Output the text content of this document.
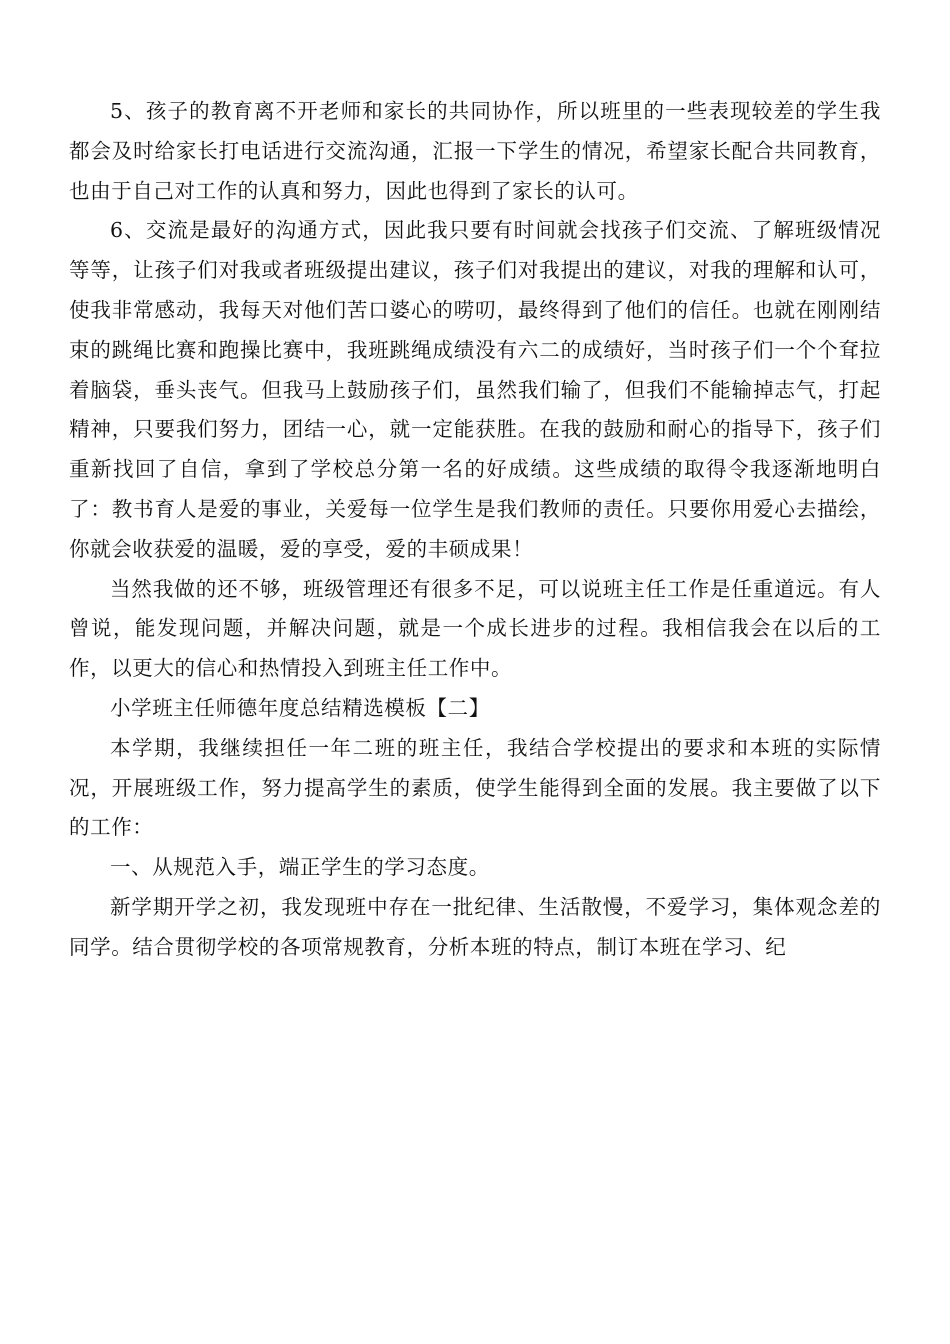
5、孩子的教育离不开老师和家长的共同协作，所以班里的一些表现较差的学生我都会及时给家长打电话进行交流沟通，汇报一下学生的情况，希望家长配合共同教育，也由于自己对工作的认真和努力，因此也得到了家长的认可。

6、交流是最好的沟通方式，因此我只要有时间就会找孩子们交流、了解班级情况等等，让孩子们对我或者班级提出建议，孩子们对我提出的建议，对我的理解和认可，使我非常感动，我每天对他们苦口婆心的唠叨，最终得到了他们的信任。也就在刚刚结束的跳绳比赛和跑操比赛中，我班跳绳成绩没有六二的成绩好，当时孩子们一个个耷拉着脑袋，垂头丧气。但我马上鼓励孩子们，虽然我们输了，但我们不能输掉志气，打起精神，只要我们努力，团结一心，就一定能获胜。在我的鼓励和耐心的指导下，孩子们重新找回了自信，拿到了学校总分第一名的好成绩。这些成绩的取得令我逐渐地明白了：教书育人是爱的事业，关爱每一位学生是我们教师的责任。只要你用爱心去描绘，你就会收获爱的温暖，爱的享受，爱的丰硕成果！

当然我做的还不够，班级管理还有很多不足，可以说班主任工作是任重道远。有人曾说，能发现问题，并解决问题，就是一个成长进步的过程。我相信我会在以后的工作，以更大的信心和热情投入到班主任工作中。

小学班主任师德年度总结精选模板【二】

本学期，我继续担任一年二班的班主任，我结合学校提出的要求和本班的实际情况，开展班级工作，努力提高学生的素质，使学生能得到全面的发展。我主要做了以下的工作：

一、从规范入手，端正学生的学习态度。

新学期开学之初，我发现班中存在一批纪律、生活散慢，不爱学习，集体观念差的同学。结合贯彻学校的各项常规教育，分析本班的特点，制订本班在学习、纪
